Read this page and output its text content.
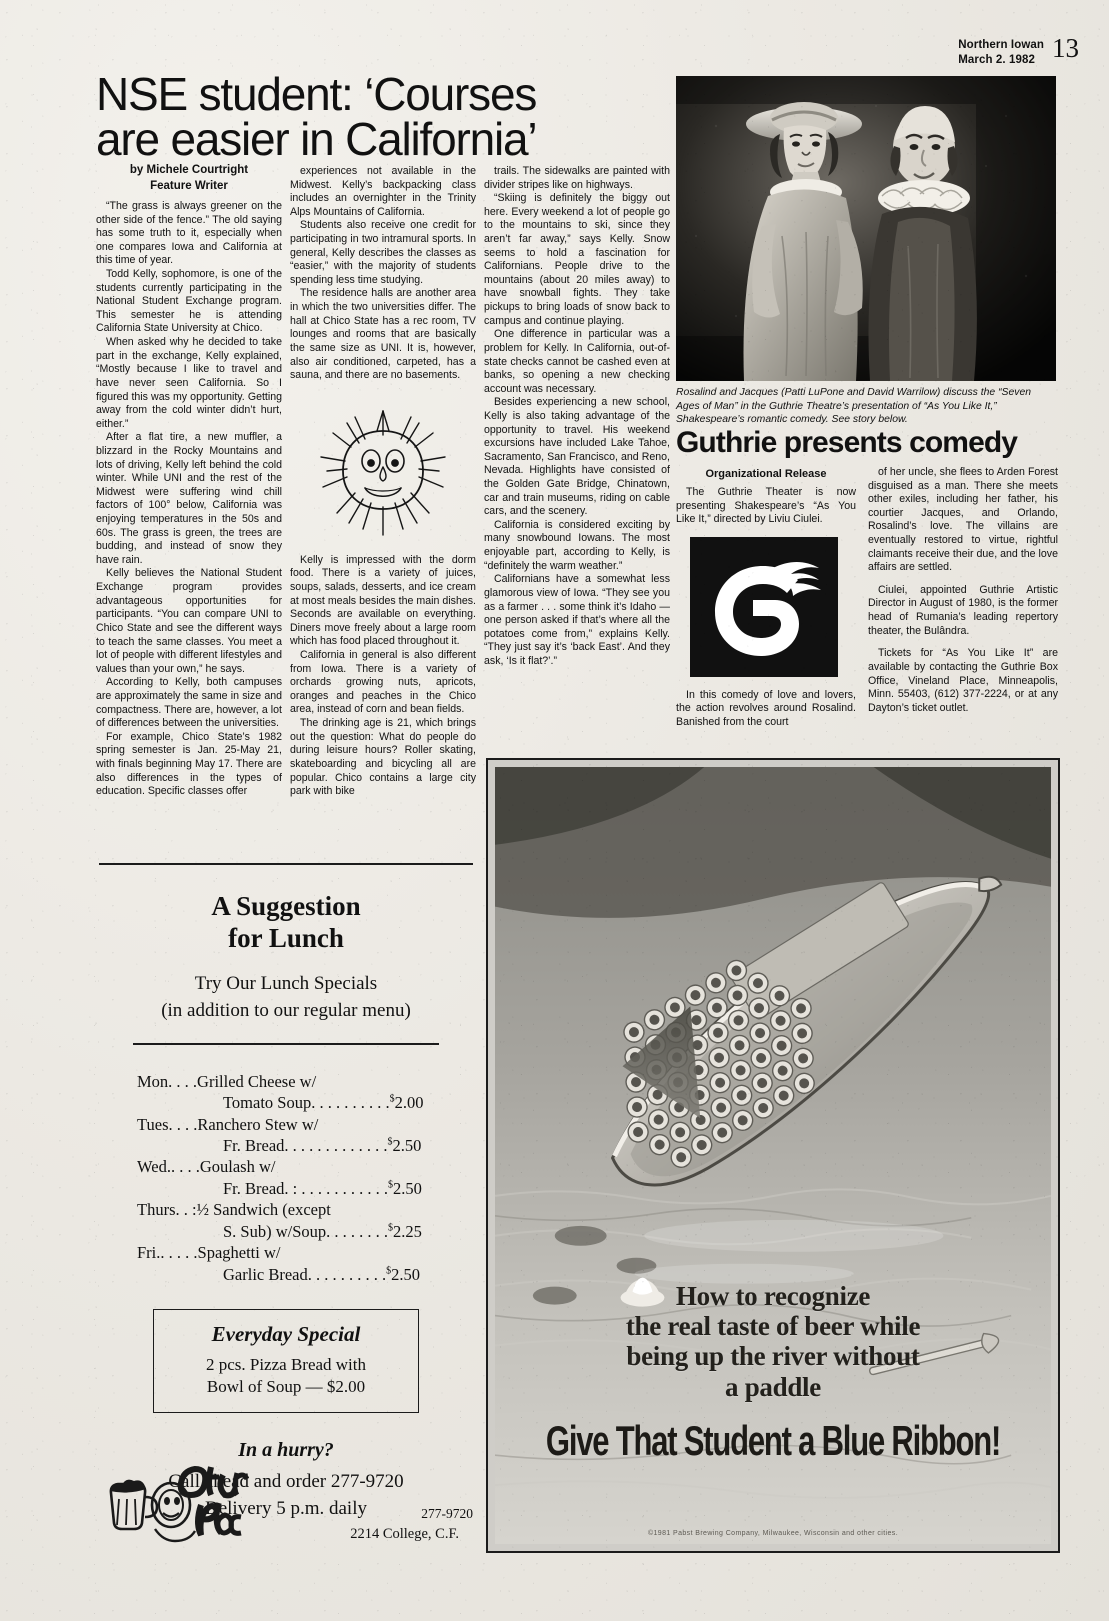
Northern Iowan
March 2. 1982 13
NSE student: ‘Courses
are easier in California’
by Michele Courtright
Feature Writer

“The grass is always greener on the other side of the fence.” The old saying has some truth to it, especially when one compares Iowa and California at this time of year.

Todd Kelly, sophomore, is one of the students currently participating in the National Student Exchange program. This semester he is attending California State University at Chico.

When asked why he decided to take part in the exchange, Kelly explained, “Mostly because I like to travel and have never seen California. So I figured this was my opportunity. Getting away from the cold winter didn’t hurt, either.”

After a flat tire, a new muffler, a blizzard in the Rocky Mountains and lots of driving, Kelly left behind the cold winter. While UNI and the rest of the Midwest were suffering wind chill factors of 100° below, California was enjoying temperatures in the 50s and 60s. The grass is green, the trees are budding, and instead of snow they have rain.

Kelly believes the National Student Exchange program provides advantageous opportunities for participants. “You can compare UNI to Chico State and see the different ways to teach the same classes. You meet a lot of people with different lifestyles and values than your own,” he says.

According to Kelly, both campuses are approximately the same in size and compactness. There are, however, a lot of differences between the universities.

For example, Chico State’s 1982 spring semester is Jan. 25-May 21, with finals beginning May 17. There are also differences in the types of education. Specific classes offer

experiences not available in the Midwest. Kelly’s backpacking class includes an overnighter in the Trinity Alps Mountains of California.

Students also receive one credit for participating in two intramural sports. In general, Kelly describes the classes as “easier,” with the majority of students spending less time studying.

The residence halls are another area in which the two universities differ. The hall at Chico State has a rec room, TV lounges and rooms that are basically the same size as UNI. It is, however, also air conditioned, carpeted, has a sauna, and there are no basements.

Kelly is impressed with the dorm food. There is a variety of juices, soups, salads, desserts, and ice cream at most meals besides the main dishes. Seconds are available on everything. Diners move freely about a large room which has food placed throughout it.

California in general is also different from Iowa. There is a variety of orchards growing nuts, apricots, oranges and peaches in the Chico area, instead of corn and bean fields.

The drinking age is 21, which brings out the question: What do people do during leisure hours? Roller skating, skateboarding and bicycling all are popular. Chico contains a large city park with bike

trails. The sidewalks are painted with divider stripes like on highways.

“Skiing is definitely the biggy out here. Every weekend a lot of people go to the mountains to ski, since they aren’t far away,” says Kelly. Snow seems to hold a fascination for Californians. People drive to the mountains (about 20 miles away) to have snowball fights. They take pickups to bring loads of snow back to campus and continue playing.

One difference in particular was a problem for Kelly. In California, out-of-state checks cannot be cashed even at banks, so opening a new checking account was necessary.

Besides experiencing a new school, Kelly is also taking advantage of the opportunity to travel. His weekend excursions have included Lake Tahoe, Sacramento, San Francisco, and Reno, Nevada. Highlights have consisted of the Golden Gate Bridge, Chinatown, car and train museums, riding on cable cars, and the scenery.

California is considered exciting by many snowbound Iowans. The most enjoyable part, according to Kelly, is “definitely the warm weather.”

Californians have a somewhat less glamorous view of Iowa. “They see you as a farmer . . . some think it’s Idaho — one person asked if that’s where all the potatoes come from,” explains Kelly. “They just say it’s ‘back East’. And they ask, ‘Is it flat?’.”

Rosalind and Jacques (Patti LuPone and David Warrilow) discuss the “Seven Ages of Man” in the Guthrie Theatre’s presentation of “As You Like It,” Shakespeare’s romantic comedy. See story below.
Guthrie presents comedy
Organizational Release

The Guthrie Theater is now presenting Shakespeare’s “As You Like It,” directed by Liviu Ciulei.

In this comedy of love and lovers, the action revolves around Rosalind. Banished from the court

of her uncle, she flees to Arden Forest disguised as a man. There she meets other exiles, including her father, his courtier Jacques, and Orlando, Rosalind’s love. The villains are eventually restored to virtue, rightful claimants receive their due, and the love affairs are settled.

Ciulei, appointed Guthrie Artistic Director in August of 1980, is the former head of Rumania’s leading repertory theater, the Bulândra.

Tickets for “As You Like It” are available by contacting the Guthrie Box Office, Vineland Place, Minneapolis, Minn. 55403, (612) 377-2224, or at any Dayton’s ticket outlet.

A Suggestion
for Lunch
Try Our Lunch Specials
(in addition to our regular menu)
Mon. . . . Grilled Cheese w/
Tomato Soup . . . . . . . . . . $2.00
Tues. . . . Ranchero Stew w/
Fr. Bread . . . . . . . . . . . . . $2.50
Wed.. . . . Goulash w/
Fr. Bread . : . . . . . . . . . . . $2.50
Thurs. . : ½ Sandwich (except
S. Sub) w/Soup . . . . . . . . $2.25
Fri.. . . . . Spaghetti w/
Garlic Bread . . . . . . . . . . $2.50
Everyday Special
2 pcs. Pizza Bread with
Bowl of Soup — $2.00
In a hurry?
Call ahead and order 277-9720
Delivery 5 p.m. daily	277-9720
2214 College, C.F.
How to recognize
the real taste of beer while
being up the river without
a paddle
Give That Student a Blue Ribbon!
©1981 Pabst Brewing Company, Milwaukee, Wisconsin and other cities.
